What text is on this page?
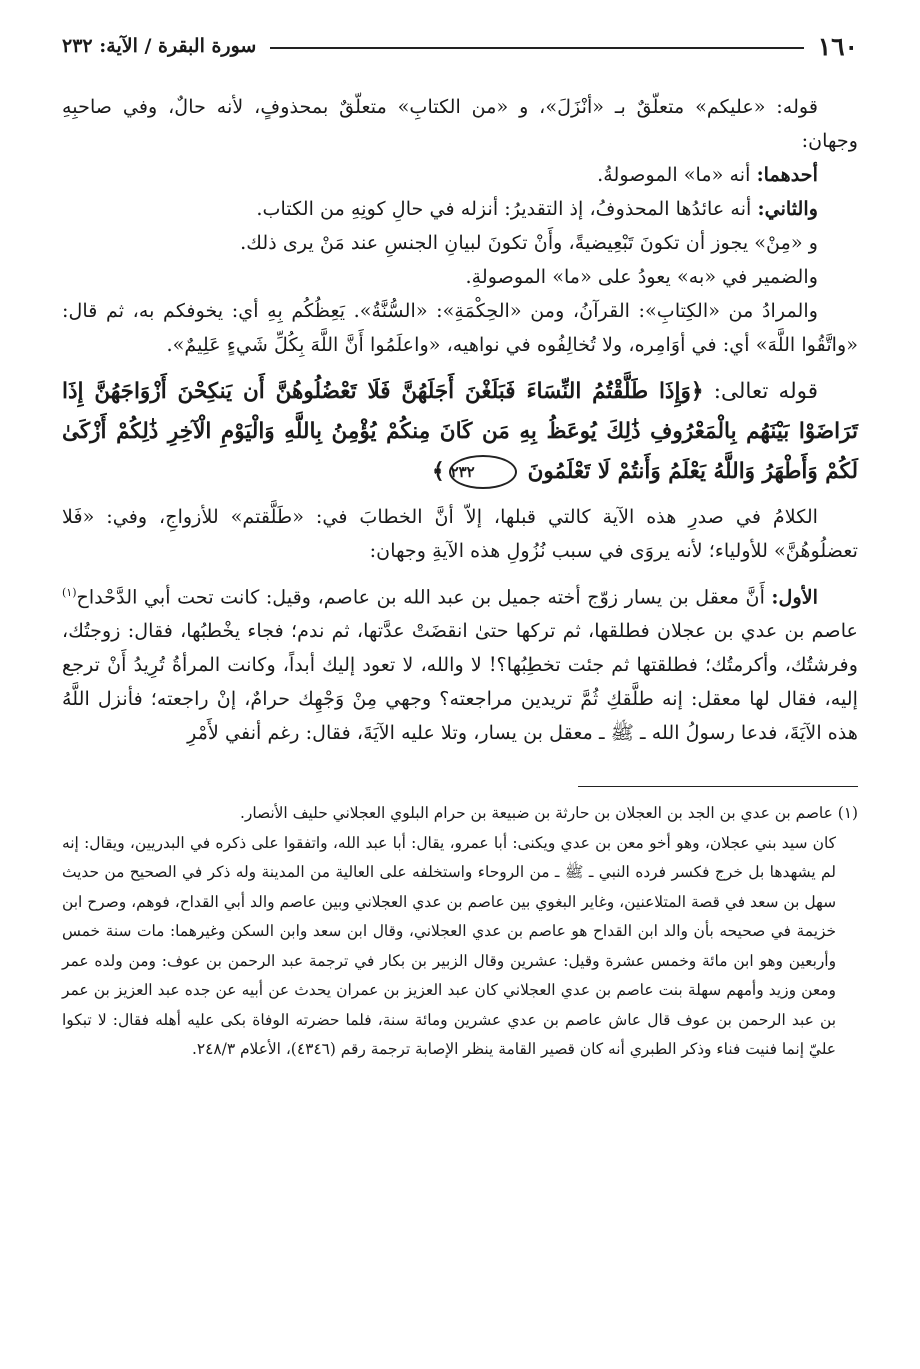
١٦٠
سورة البقرة / الآية: ٢٣٢

قوله: «عليكم» متعلّقٌ بـ «أنْزَلَ»، و «من الكتابِ» متعلّقٌ بمحذوفٍ، لأنه حالٌ، وفي صاحبِهِ وجهان:

أحدهما: أنه «ما» الموصولةُ.

والثاني: أنه عائدُها المحذوفُ، إذ التقديرُ: أنزله في حالِ كونِهِ من الكتاب.

و «مِنْ» يجوز أن تكونَ تَبْعِيضيةً، وأَنْ تكونَ لبيانِ الجنسِ عند مَنْ يرى ذلك.

والضمير في «به» يعودُ على «ما» الموصولةِ.

والمرادُ من «الكِتابِ»: القرآنُ، ومن «الحِكْمَةِ»: «السُّنَّةُ». يَعِظُكُم بِهِ أي: يخوفكم به، ثم قال: «واتَّقُوا اللَّهَ» أي: في أوَامِره، ولا تُخالِفُوه في نواهيه، «واعلَمُوا أَنَّ اللَّهَ بِكُلِّ شَيءٍ عَلِيمٌ».

قوله تعالى: ﴿وَإِذَا طَلَّقْتُمُ النِّسَاءَ فَبَلَغْنَ أَجَلَهُنَّ فَلَا تَعْضُلُوهُنَّ أَن يَنكِحْنَ أَزْوَاجَهُنَّ إِذَا تَرَاضَوْا بَيْنَهُم بِالْمَعْرُوفِ ذَٰلِكَ يُوعَظُ بِهِ مَن كَانَ مِنكُمْ يُؤْمِنُ بِاللَّهِ وَالْيَوْمِ الْآخِرِ ذَٰلِكُمْ أَزْكَىٰ لَكُمْ وَأَطْهَرُ وَاللَّهُ يَعْلَمُ وَأَنتُمْ لَا تَعْلَمُونَ ٢٣٢﴾

الكلامُ في صدرِ هذه الآية كالتي قبلها، إلاّ أنَّ الخطابَ في: «طَلَّقتم» للأزواجِ، وفي: «فَلا تعضلُوهُنَّ» للأولياء؛ لأنه يروَى في سبب نُزُولِ هذه الآيةِ وجهان:

الأول: أَنَّ معقل بن يسار زوّج أخته جميل بن عبد الله بن عاصم، وقيل: كانت تحت أبي الدَّحْداح$^{(١)}$ عاصم بن عدي بن عجلان فطلقها، ثم تركها حتىٰ انقضَتْ عدَّتها، ثم ندم؛ فجاء يخْطبُها، فقال: زوجتُك، وفرشتُك، وأكرمتُك؛ فطلقتها ثم جئت تخطِبُها؟! لا والله، لا تعود إليك أبداً، وكانت المرأةُ تُرِيدُ أَنْ ترجع إليه، فقال لها معقل: إنه طلَّقكِ ثُمَّ تريدين مراجعته؟ وجهي مِنْ وَجْهِك حرامٌ، إنْ راجعته؛ فأنزل اللَّهُ هذه الآيَةَ، فدعا رسولُ الله ـ ﷺ ـ معقل بن يسار، وتلا عليه الآيَةَ، فقال: رغم أنفي لأَمْرِ

(١) عاصم بن عدي بن الجد بن العجلان بن حارثة بن ضبيعة بن حرام البلوي العجلاني حليف الأنصار.

كان سيد بني عجلان، وهو أخو معن بن عدي ويكنى: أبا عمرو، يقال: أبا عبد الله، واتفقوا على ذكره في البدريين، ويقال: إنه لم يشهدها بل خرج فكسر فرده النبي ـ ﷺ ـ من الروحاء واستخلفه على العالية من المدينة وله ذكر في الصحيح من حديث سهل بن سعد في قصة المتلاعنين، وغاير البغوي بين عاصم بن عدي العجلاني وبين عاصم والد أبي القداح، فوهم، وصرح ابن خزيمة في صحيحه بأن والد ابن القداح هو عاصم بن عدي العجلاني، وقال ابن سعد وابن السكن وغيرهما: مات سنة خمس وأربعين وهو ابن مائة وخمس عشرة وقيل: عشرين وقال الزبير بن بكار في ترجمة عبد الرحمن بن عوف: ومن ولده عمر ومعن وزيد وأمهم سهلة بنت عاصم بن عدي العجلاني كان عبد العزيز بن عمران يحدث عن أبيه عن جده عبد العزيز بن عمر بن عبد الرحمن بن عوف قال عاش عاصم بن عدي عشرين ومائة سنة، فلما حضرته الوفاة بكى عليه أهله فقال: لا تبكوا عليّ إنما فنيت فناء وذكر الطبري أنه كان قصير القامة ينظر الإصابة ترجمة رقم (٤٣٤٦)، الأعلام ٢٤٨/٣.
